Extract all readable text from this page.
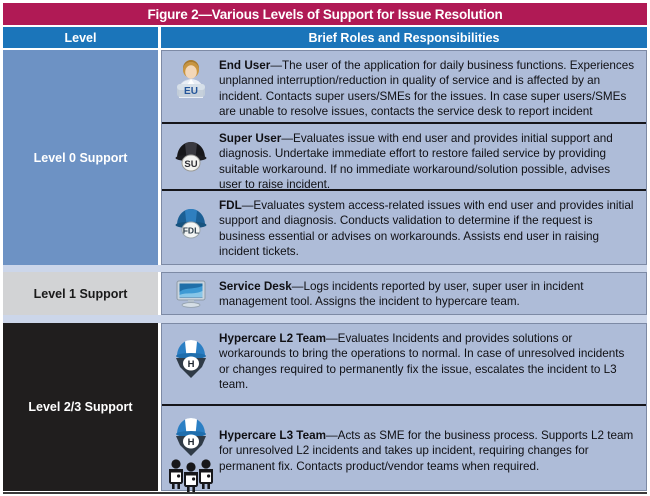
Figure 2—Various Levels of Support for Issue Resolution
Level	Brief Roles and Responsibilities
Level 0 Support
EU
End User—The user of the application for daily business functions. Experiences unplanned interruption/reduction in quality of service and is affected by an incident. Contacts super users/SMEs for the issues. In case super users/SMEs are unable to resolve issues, contacts the service desk to report incident
SU
Super User—Evaluates issue with end user and provides initial support and diagnosis. Undertake immediate effort to restore failed service by providing suitable workaround. If no immediate workaround/solution possible, advises user to raise incident.
FDL
FDL—Evaluates system access-related issues with end user and provides initial support and diagnosis. Conducts validation to determine if the request is business essential or advises on workarounds. Assists end user in raising incident tickets.
Level 1 Support	Service Desk—Logs incidents reported by user, super user in incident management tool. Assigns the incident to hypercare team.
Level 2/3 Support
H
Hypercare L2 Team—Evaluates Incidents and provides solutions or workarounds to bring the operations to normal. In case of unresolved incidents or changes required to permanently fix the issue, escalates the incident to L3 team.
H
Hypercare L3 Team—Acts as SME for the business process. Supports L2 team for unresolved L2 incidents and takes up incident, requiring changes for permanent fix. Contacts product/vendor teams when required.
